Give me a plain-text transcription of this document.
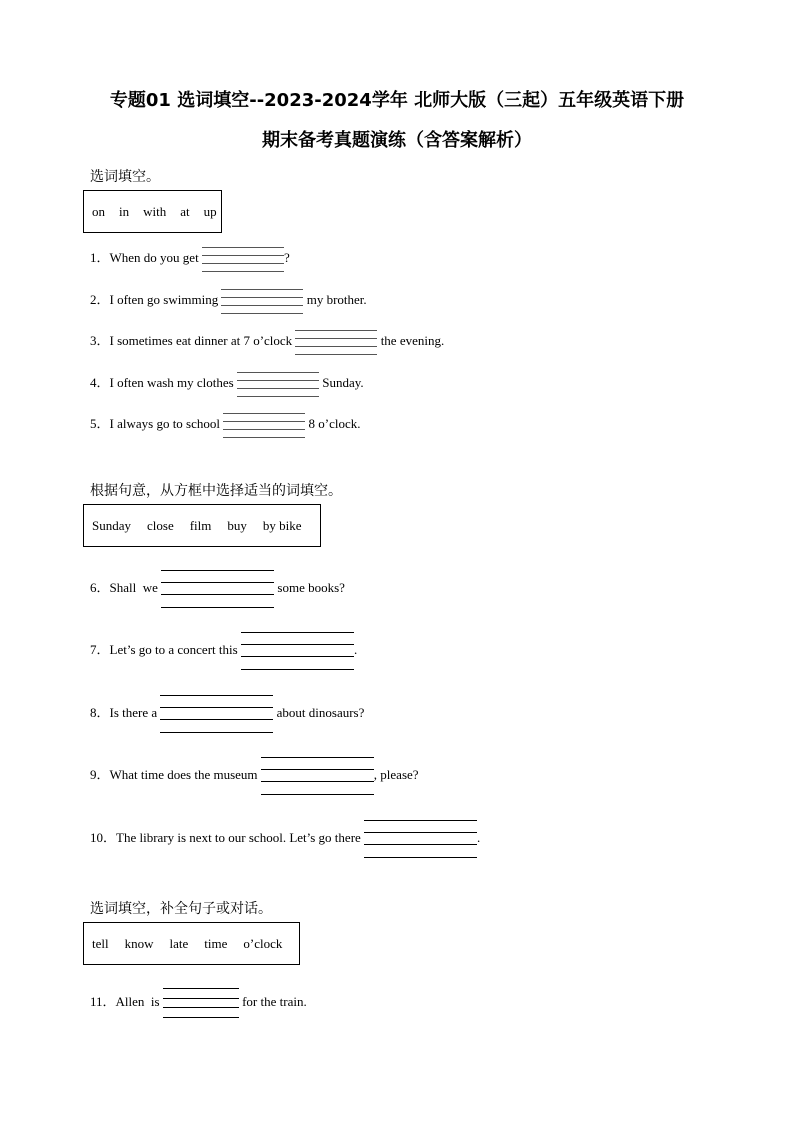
专题01 选词填空--2023-2024学年 北师大版（三起）五年级英语下册
期末备考真题演练（含答案解析）
选词填空。
on in with at up
1．When do you get	?
2．I often go swimming	my brother.
3．I sometimes eat dinner at 7 o’clock	the evening.
4．I often wash my clothes	Sunday.
5．I always go to school	8 o’clock.
根据句意，从方框中选择适当的词填空。
Sunday close film buy by bike
6．Shall  we	some books?
7．Let’s go to a concert this	.
8．Is there a	about dinosaurs?
9．What time does the museum	, please?
10．The library is next to our school. Let’s go there	.
选词填空，补全句子或对话。
tell know late time o’clock
11．Allen  is	for the train.
